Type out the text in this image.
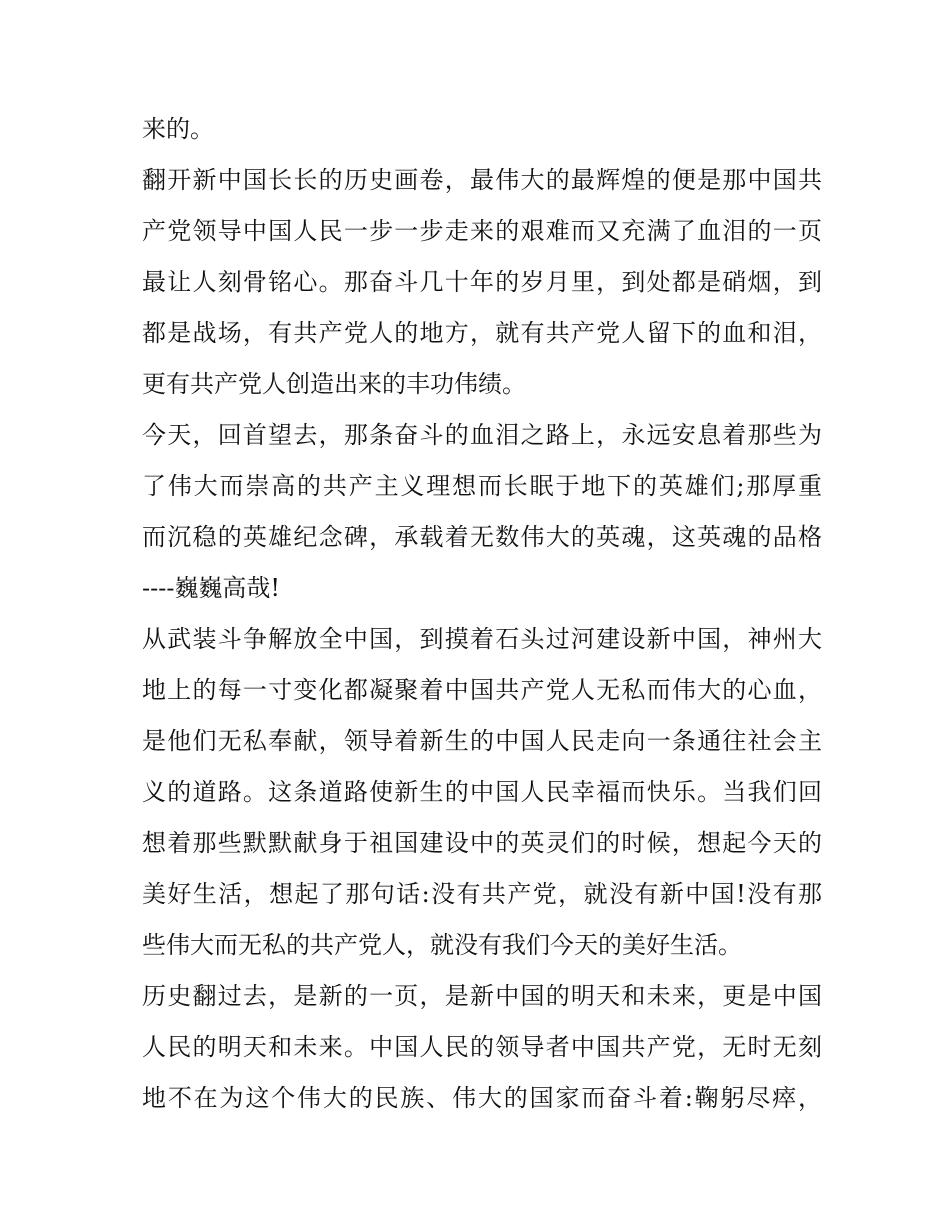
来的。
翻开新中国长长的历史画卷，最伟大的最辉煌的便是那中国共
产党领导中国人民一步一步走来的艰难而又充满了血泪的一页
最让人刻骨铭心。那奋斗几十年的岁月里，到处都是硝烟，到
都是战场，有共产党人的地方，就有共产党人留下的血和泪，
更有共产党人创造出来的丰功伟绩。
今天，回首望去，那条奋斗的血泪之路上，永远安息着那些为
了伟大而崇高的共产主义理想而长眠于地下的英雄们;那厚重
而沉稳的英雄纪念碑，承载着无数伟大的英魂，这英魂的品格
----巍巍高哉!
从武装斗争解放全中国，到摸着石头过河建设新中国，神州大
地上的每一寸变化都凝聚着中国共产党人无私而伟大的心血，
是他们无私奉献，领导着新生的中国人民走向一条通往社会主
义的道路。这条道路使新生的中国人民幸福而快乐。当我们回
想着那些默默献身于祖国建设中的英灵们的时候，想起今天的
美好生活，想起了那句话:没有共产党，就没有新中国!没有那
些伟大而无私的共产党人，就没有我们今天的美好生活。
历史翻过去，是新的一页，是新中国的明天和未来，更是中国
人民的明天和未来。中国人民的领导者中国共产党，无时无刻
地不在为这个伟大的民族、伟大的国家而奋斗着:鞠躬尽瘁，
